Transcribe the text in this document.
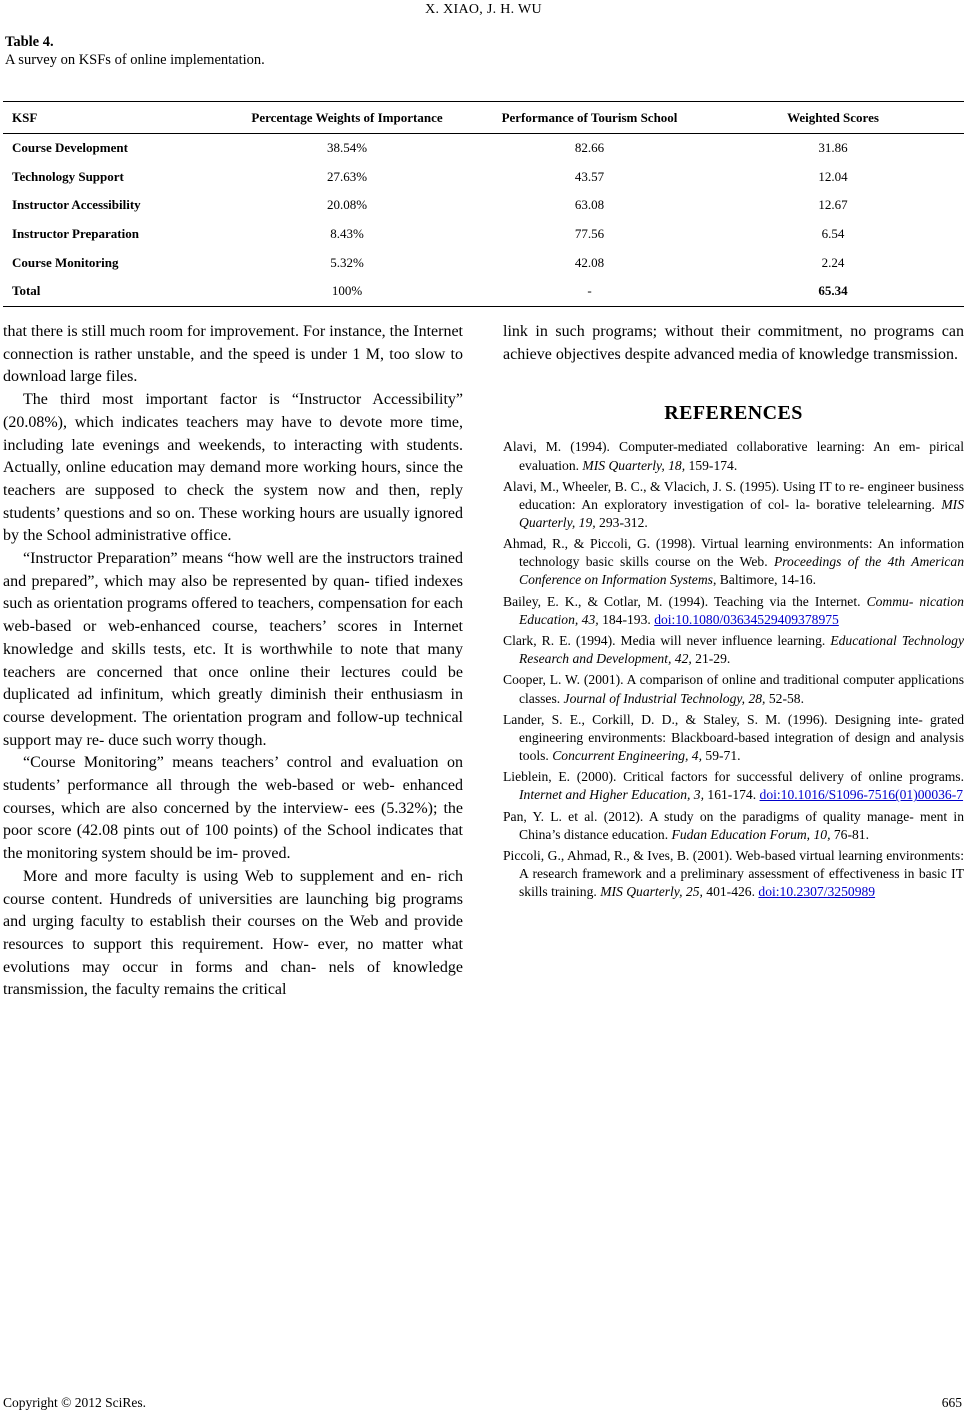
X. XIAO, J. H. WU
Table 4.
A survey on KSFs of online implementation.
KSF	Percentage Weights of Importance	Performance of Tourism School	Weighted Scores
Course Development	38.54%	82.66	31.86
Technology Support	27.63%	43.57	12.04
Instructor Accessibility	20.08%	63.08	12.67
Instructor Preparation	8.43%	77.56	6.54
Course Monitoring	5.32%	42.08	2.24
Total	100%	-	65.34

that there is still much room for improvement. For instance, the Internet connection is rather unstable, and the speed is under 1 M, too slow to download large files.

The third most important factor is “Instructor Accessibility” (20.08%), which indicates teachers may have to devote more time, including late evenings and weekends, to interacting with students. Actually, online education may demand more working hours, since the teachers are supposed to check the system now and then, reply students’ questions and so on. These working hours are usually ignored by the School administrative office.

“Instructor Preparation” means “how well are the instructors trained and prepared”, which may also be represented by quan- tified indexes such as orientation programs offered to teachers, compensation for each web-based or web-enhanced course, teachers’ scores in Internet knowledge and skills tests, etc. It is worthwhile to note that many teachers are concerned that once online their lectures could be duplicated ad infinitum, which greatly diminish their enthusiasm in course development. The orientation program and follow-up technical support may re- duce such worry though.

“Course Monitoring” means teachers’ control and evaluation on students’ performance all through the web-based or web- enhanced courses, which are also concerned by the interview- ees (5.32%); the poor score (42.08 pints out of 100 points) of the School indicates that the monitoring system should be im- proved.

More and more faculty is using Web to supplement and en- rich course content. Hundreds of universities are launching big programs and urging faculty to establish their courses on the Web and provide resources to support this requirement. How- ever, no matter what evolutions may occur in forms and chan- nels of knowledge transmission, the faculty remains the critical

link in such programs; without their commitment, no programs can achieve objectives despite advanced media of knowledge transmission.

REFERENCES
Alavi, M. (1994). Computer-mediated collaborative learning: An em- pirical evaluation. MIS Quarterly, 18, 159-174.
Alavi, M., Wheeler, B. C., & Vlacich, J. S. (1995). Using IT to re- engineer business education: An exploratory investigation of col- la- borative telelearning. MIS Quarterly, 19, 293-312.
Ahmad, R., & Piccoli, G. (1998). Virtual learning environments: An information technology basic skills course on the Web. Proceedings of the 4th American Conference on Information Systems, Baltimore, 14-16.
Bailey, E. K., & Cotlar, M. (1994). Teaching via the Internet. Commu- nication Education, 43, 184-193. doi:10.1080/03634529409378975
Clark, R. E. (1994). Media will never influence learning. Educational Technology Research and Development, 42, 21-29.
Cooper, L. W. (2001). A comparison of online and traditional computer applications classes. Journal of Industrial Technology, 28, 52-58.
Lander, S. E., Corkill, D. D., & Staley, S. M. (1996). Designing inte- grated engineering environments: Blackboard-based integration of design and analysis tools. Concurrent Engineering, 4, 59-71.
Lieblein, E. (2000). Critical factors for successful delivery of online programs. Internet and Higher Education, 3, 161-174. doi:10.1016/S1096-7516(01)00036-7
Pan, Y. L. et al. (2012). A study on the paradigms of quality manage- ment in China’s distance education. Fudan Education Forum, 10, 76-81.
Piccoli, G., Ahmad, R., & Ives, B. (2001). Web-based virtual learning environments: A research framework and a preliminary assessment of effectiveness in basic IT skills training. MIS Quarterly, 25, 401-426. doi:10.2307/3250989
Copyright © 2012 SciRes.	665
